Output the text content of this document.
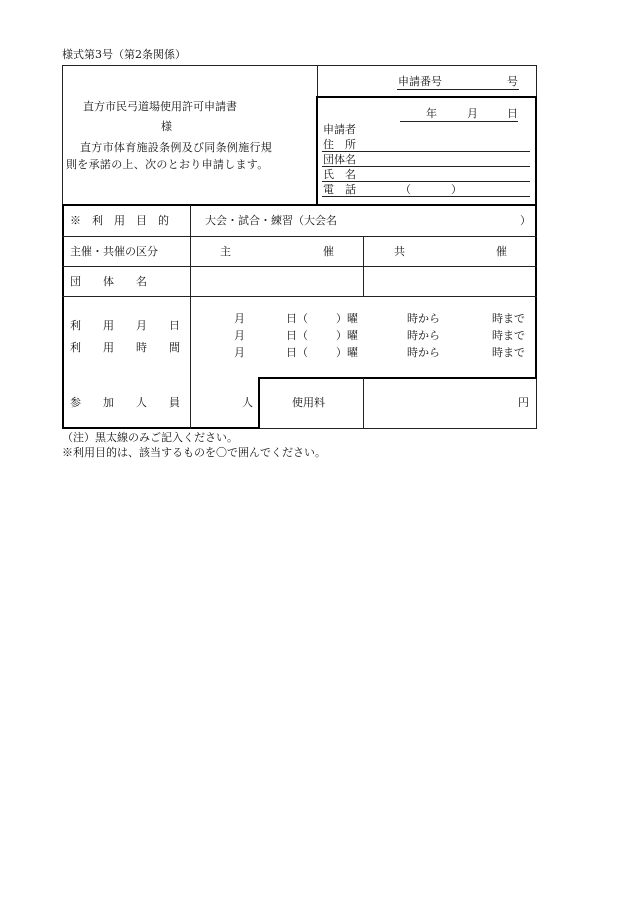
様式第3号（第2条関係）
申請番号	号
直方市民弓道場使用許可申請書
様
直方市体育施設条例及び同条例施行規
則を承諾の上、次のとおり申請します。
年	月	日
申請者
住　所
団体名
氏　名
電　話	（　　）
※　利　用　目　的	大会・試合・練習（大会名	）
主催・共催の区分	主	催	共	催
団　　体　　名
利　　用　　月　　日
利　　用　　時　　間
月	日（	）曜	時から	時まで
月	日（	）曜	時から	時まで
月	日（	）曜	時から	時まで
参　　加　　人　　員	人	使用料	円
（注）黒太線のみご記入ください。
※利用目的は、該当するものを〇で囲んでください。
